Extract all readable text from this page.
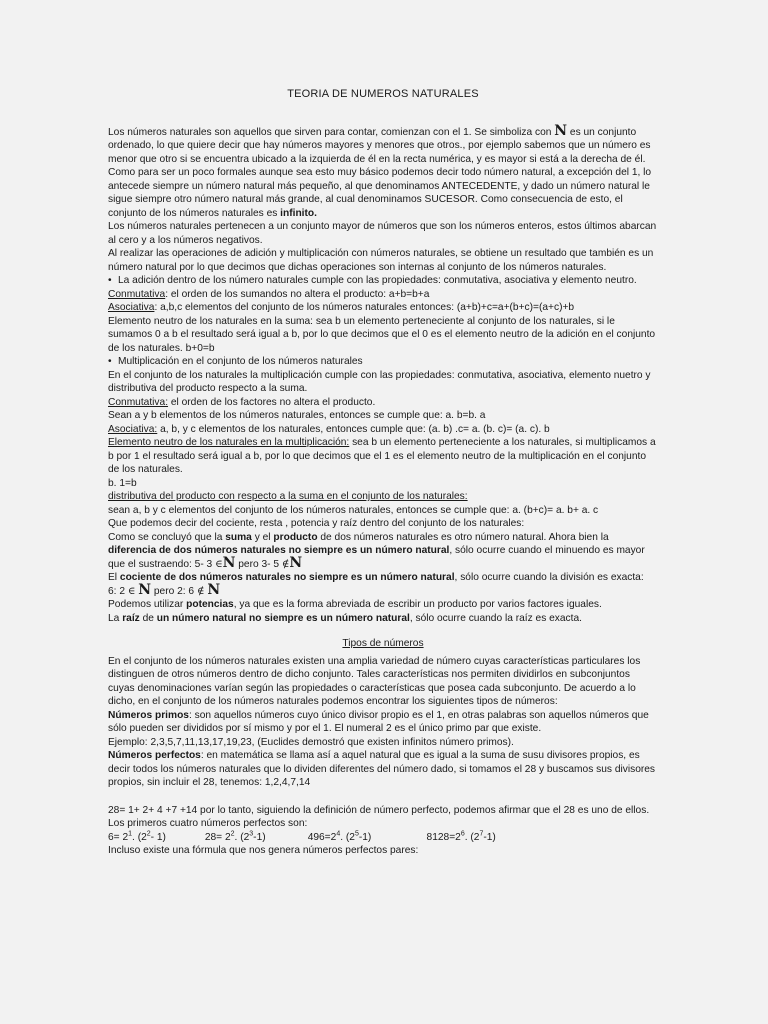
TEORIA DE NUMEROS NATURALES

Los números naturales son aquellos que sirven para contar, comienzan con el 1. Se simboliza con N es un conjunto ordenado, lo que quiere decir que hay números mayores y menores que otros., por ejemplo sabemos que un número es menor que otro si se encuentra ubicado a la izquierda de él en la recta numérica, y es mayor si está a la derecha de él.

Como para ser un poco formales aunque sea esto muy básico podemos decir todo número natural, a excepción del 1, lo antecede siempre un número natural más pequeño, al que denominamos ANTECEDENTE, y dado un número natural le sigue siempre otro número natural más grande, al cual denominamos SUCESOR. Como consecuencia de esto, el conjunto de los números naturales es infinito.

Los números naturales pertenecen a un conjunto mayor de números que son los números enteros, estos últimos abarcan al cero y a los números negativos.

Al realizar las operaciones de adición y multiplicación con números naturales, se obtiene un resultado que también es un número natural por lo que decimos que dichas operaciones son internas al conjunto de los números naturales.

• La adición dentro de los número naturales cumple con las propiedades: conmutativa, asociativa y elemento neutro.

Conmutativa: el orden de los sumandos no altera el producto: a+b=b+a

Asociativa: a,b,c elementos del conjunto de los números naturales entonces: (a+b)+c=a+(b+c)=(a+c)+b

Elemento neutro de los naturales en la suma: sea b un elemento perteneciente al conjunto de los naturales, si le sumamos 0 a b el resultado será igual a b, por lo que decimos que el 0 es el elemento neutro de la adición en el conjunto de los naturales. b+0=b

• Multiplicación en el conjunto de los números naturales

En el conjunto de los naturales la multiplicación cumple con las propiedades: conmutativa, asociativa, elemento nuetro y distributiva del producto respecto a la suma.

Conmutativa: el orden de los factores no altera el producto.

Sean a y b elementos de los números naturales, entonces se cumple que: a. b=b. a

Asociativa: a, b, y c elementos de los naturales, entonces cumple que: (a. b) .c= a. (b. c)= (a. c). b

Elemento neutro de los naturales en la multiplicación: sea b un elemento perteneciente a los naturales, si multiplicamos a b por 1 el resultado será igual a b, por lo que decimos que el 1 es el elemento neutro de la multiplicación en el conjunto de los naturales.

b. 1=b

distributiva del producto con respecto a la suma en el conjunto de los naturales:

sean a, b y c elementos del conjunto de los números naturales, entonces se cumple que: a. (b+c)= a. b+ a. c

Que podemos decir del cociente, resta , potencia y raíz dentro del conjunto de los naturales:

Como se concluyó que la suma y el producto de dos números naturales es otro número natural. Ahora bien la diferencia de dos números naturales no siempre es un número natural, sólo ocurre cuando el minuendo es mayor que el sustraendo: 5- 3 ∈N pero 3- 5 ∉N

El cociente de dos números naturales no siempre es un número natural, sólo ocurre cuando la división es exacta:
6: 2 ∈ N pero 2: 6 ∉ N

Podemos utilizar potencias, ya que es la forma abreviada de escribir un producto por varios factores iguales.

La raíz de un número natural no siempre es un número natural, sólo ocurre cuando la raíz es exacta.

Tipos de números

En el conjunto de los números naturales existen una amplia variedad de número cuyas características particulares los distinguen de otros números dentro de dicho conjunto. Tales características nos permiten dividirlos en subconjuntos cuyas denominaciones varían según las propiedades o características que posea cada subconjunto. De acuerdo a lo dicho, en el conjunto de los números naturales podemos encontrar los siguientes tipos de números:

Números primos: son aquellos números cuyo único divisor propio es el 1, en otras palabras son aquellos números que sólo pueden ser divididos por sí mismo y por el 1. El numeral 2 es el único primo par que existe.

Ejemplo: 2,3,5,7,11,13,17,19,23, (Euclides demostró que existen infinitos número primos).

Números perfectos: en matemática se llama así a aquel natural que es igual a la suma de susu divisores propios, es decir todos los números naturales que lo dividen diferentes del número dado, si tomamos el 28 y buscamos sus divisores propios, sin incluir el 28, tenemos: 1,2,4,7,14

28= 1+ 2+ 4 +7 +14 por lo tanto, siguiendo la definición de número perfecto, podemos afirmar que el 28 es uno de ellos.

Los primeros cuatro números perfectos son:

$6= 2^1$. ($2^2-$ 1)	$28= 2^2$. $(2^3-1)$	$496=2^4$. $(2^5-1)$	$8128=2^6$. $(2^7-1)$

Incluso existe una fórmula que nos genera números perfectos pares:
